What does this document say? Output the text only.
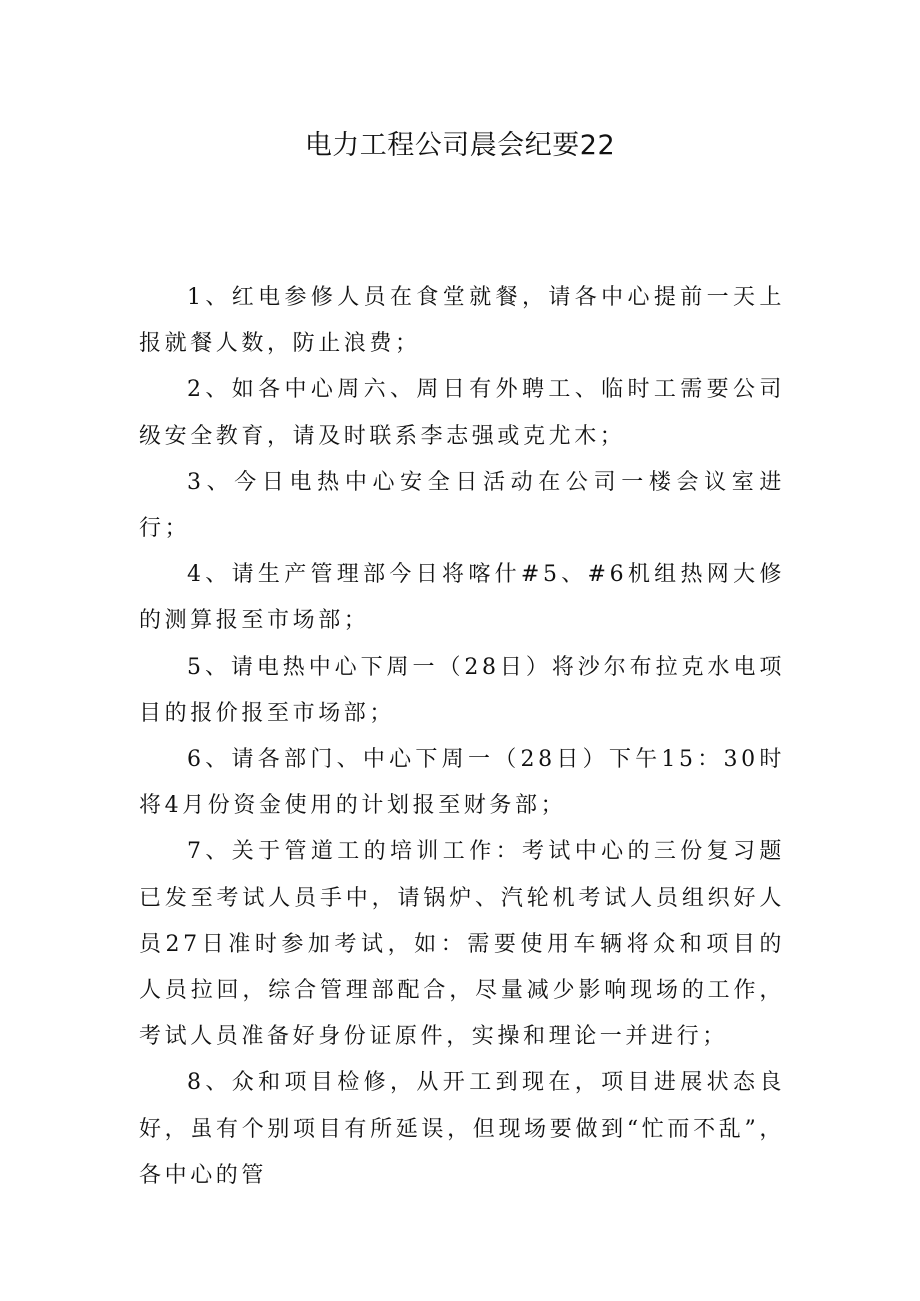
电力工程公司晨会纪要22

1、红电参修人员在食堂就餐，请各中心提前一天上报就餐人数，防止浪费；

2、如各中心周六、周日有外聘工、临时工需要公司级安全教育，请及时联系李志强或克尤木；

3、今日电热中心安全日活动在公司一楼会议室进行；

4、请生产管理部今日将喀什#5、#6机组热网大修的测算报至市场部；

5、请电热中心下周一（28日）将沙尔布拉克水电项目的报价报至市场部；

6、请各部门、中心下周一（28日）下午15：30时将4月份资金使用的计划报至财务部；

7、关于管道工的培训工作：考试中心的三份复习题已发至考试人员手中，请锅炉、汽轮机考试人员组织好人员27日准时参加考试，如：需要使用车辆将众和项目的人员拉回，综合管理部配合，尽量减少影响现场的工作，考试人员准备好身份证原件，实操和理论一并进行；

8、众和项目检修，从开工到现在，项目进展状态良好，虽有个别项目有所延误，但现场要做到“忙而不乱”，各中心的管
